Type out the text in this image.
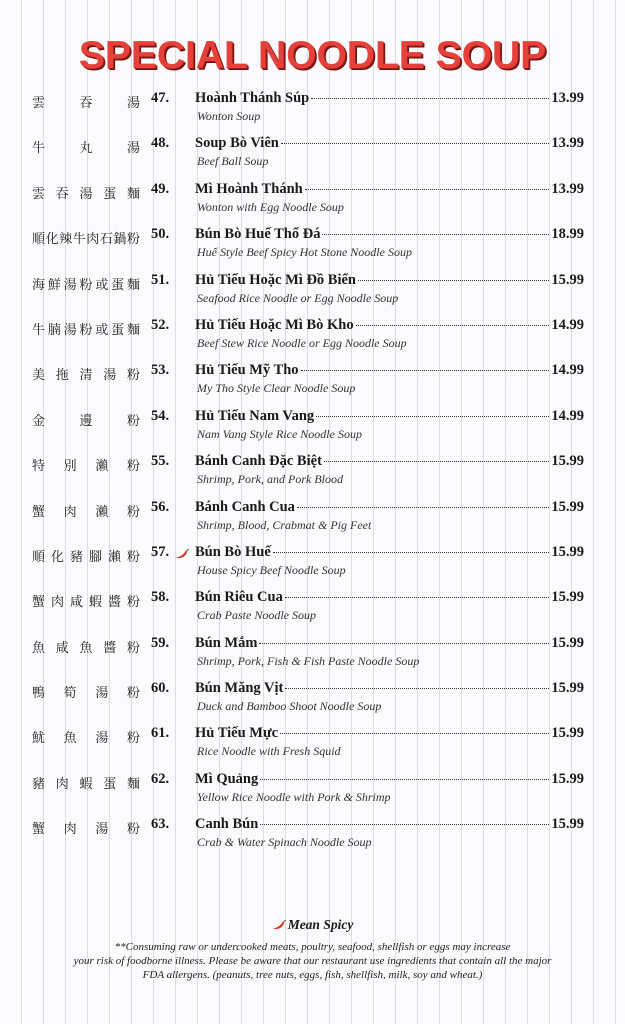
SPECIAL NOODLE SOUP
雲吞湯 47. Hoành Thánh Súp	13.99
Wonton Soup
牛丸湯 48. Soup Bò Viên	13.99
Beef Ball Soup
雲吞湯蛋麵 49. Mì Hoành Thánh	13.99
Wonton with Egg Noodle Soup
順化辣牛肉石鍋粉 50. Bún Bò Huế Thố Đá	18.99
Huế Style Beef Spicy Hot Stone Noodle Soup
海鮮湯粉或蛋麵 51. Hủ Tiếu Hoặc Mì Đồ Biển	15.99
Seafood Rice Noodle or Egg Noodle Soup
牛腩湯粉或蛋麵 52. Hủ Tiếu Hoặc Mì Bò Kho	14.99
Beef Stew Rice Noodle or Egg Noodle Soup
美拖清湯粉 53. Hủ Tiếu Mỹ Tho	14.99
My Tho Style Clear Noodle Soup
金邊粉 54. Hủ Tiếu Nam Vang	14.99
Nam Vang Style Rice Noodle Soup
特別瀨粉 55. Bánh Canh Đặc Biệt	15.99
Shrimp, Pork, and Pork Blood
蟹肉瀨粉 56. Bánh Canh Cua	15.99
Shrimp, Blood, Crabmat & Pig Feet
順化豬腳瀨粉 57. Bún Bò Huế	15.99
House Spicy Beef Noodle Soup
蟹肉咸蝦醬粉 58. Bún Riêu Cua	15.99
Crab Paste Noodle Soup
魚咸魚醬粉 59. Bún Mắm	15.99
Shrimp, Pork, Fish & Fish Paste Noodle Soup
鴨筍湯粉 60. Bún Măng Vịt	15.99
Duck and Bamboo Shoot Noodle Soup
魷魚湯粉 61. Hủ Tiếu Mực	15.99
Rice Noodle with Fresh Squid
豬肉蝦蛋麵 62. Mì Quảng	15.99
Yellow Rice Noodle with Pork & Shrimp
蟹肉湯粉 63. Canh Bún	15.99
Crab & Water Spinach Noodle Soup
Mean Spicy
**Consuming raw or undercooked meats, poultry, seafood, shellfish or eggs may increase
your risk of foodborne illness. Please be aware that our restaurant use ingredients that contain all the major
FDA allergens. (peanuts, tree nuts, eggs, fish, shellfish, milk, soy and wheat.)
